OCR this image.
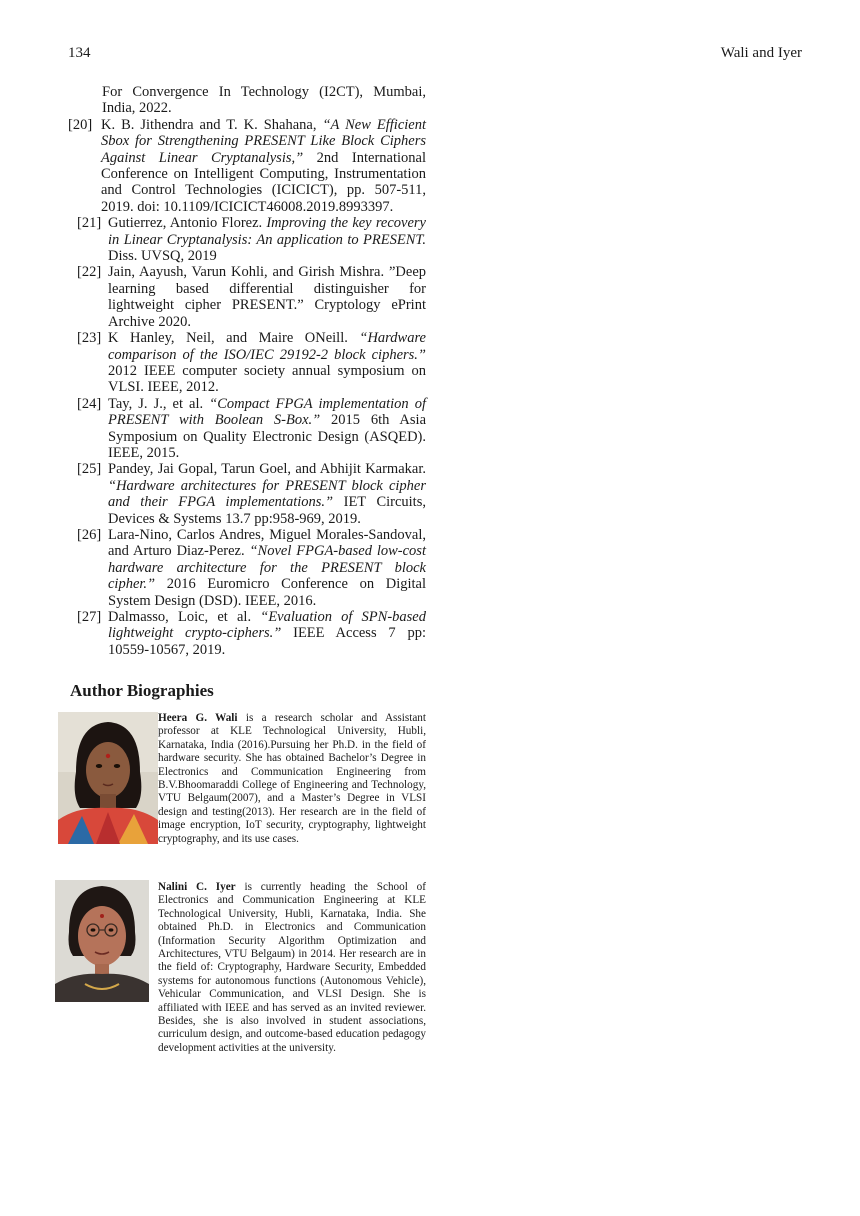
134	Wali and Iyer

For Convergence In Technology (I2CT), Mumbai, India, 2022.

[20] K. B. Jithendra and T. K. Shahana, “A New Efficient Sbox for Strengthening PRESENT Like Block Ciphers Against Linear Cryptanalysis,” 2nd International Conference on Intelligent Computing, Instrumentation and Control Technologies (ICICICT), pp. 507-511, 2019. doi: 10.1109/ICICICT46008.2019.8993397.

[21] Gutierrez, Antonio Florez. Improving the key recovery in Linear Cryptanalysis: An application to PRESENT. Diss. UVSQ, 2019

[22] Jain, Aayush, Varun Kohli, and Girish Mishra. ”Deep learning based differential distinguisher for lightweight cipher PRESENT.” Cryptology ePrint Archive 2020.

[23] K Hanley, Neil, and Maire ONeill. “Hardware comparison of the ISO/IEC 29192-2 block ciphers.” 2012 IEEE computer society annual symposium on VLSI. IEEE, 2012.

[24] Tay, J. J., et al. “Compact FPGA implementation of PRESENT with Boolean S-Box.” 2015 6th Asia Symposium on Quality Electronic Design (ASQED). IEEE, 2015.

[25] Pandey, Jai Gopal, Tarun Goel, and Abhijit Karmakar. “Hardware architectures for PRESENT block cipher and their FPGA implementations.” IET Circuits, Devices & Systems 13.7 pp:958-969, 2019.

[26] Lara-Nino, Carlos Andres, Miguel Morales-Sandoval, and Arturo Diaz-Perez. “Novel FPGA-based low-cost hardware architecture for the PRESENT block cipher.” 2016 Euromicro Conference on Digital System Design (DSD). IEEE, 2016.

[27] Dalmasso, Loic, et al. “Evaluation of SPN-based lightweight crypto-ciphers.” IEEE Access 7 pp: 10559-10567, 2019.

Author Biographies
Heera G. Wali is a research scholar and Assistant professor at KLE Technological University, Hubli, Karnataka, India (2016).Pursuing her Ph.D. in the field of hardware security. She has obtained Bachelor’s Degree in Electronics and Communication Engineering from B.V.Bhoomaraddi College of Engineering and Technology, VTU Belgaum(2007), and a Master’s Degree in VLSI design and testing(2013). Her research are in the field of image encryption, IoT security, cryptography, lightweight cryptography, and its use cases.
Nalini C. Iyer is currently heading the School of Electronics and Communication Engineering at KLE Technological University, Hubli, Karnataka, India. She obtained Ph.D. in Electronics and Communication (Information Security Algorithm Optimization and Architectures, VTU Belgaum) in 2014. Her research are in the field of: Cryptography, Hardware Security, Embedded systems for autonomous functions (Autonomous Vehicle), Vehicular Communication, and VLSI Design. She is affiliated with IEEE and has served as an invited reviewer. Besides, she is also involved in student associations, curriculum design, and outcome-based education pedagogy development activities at the university.
